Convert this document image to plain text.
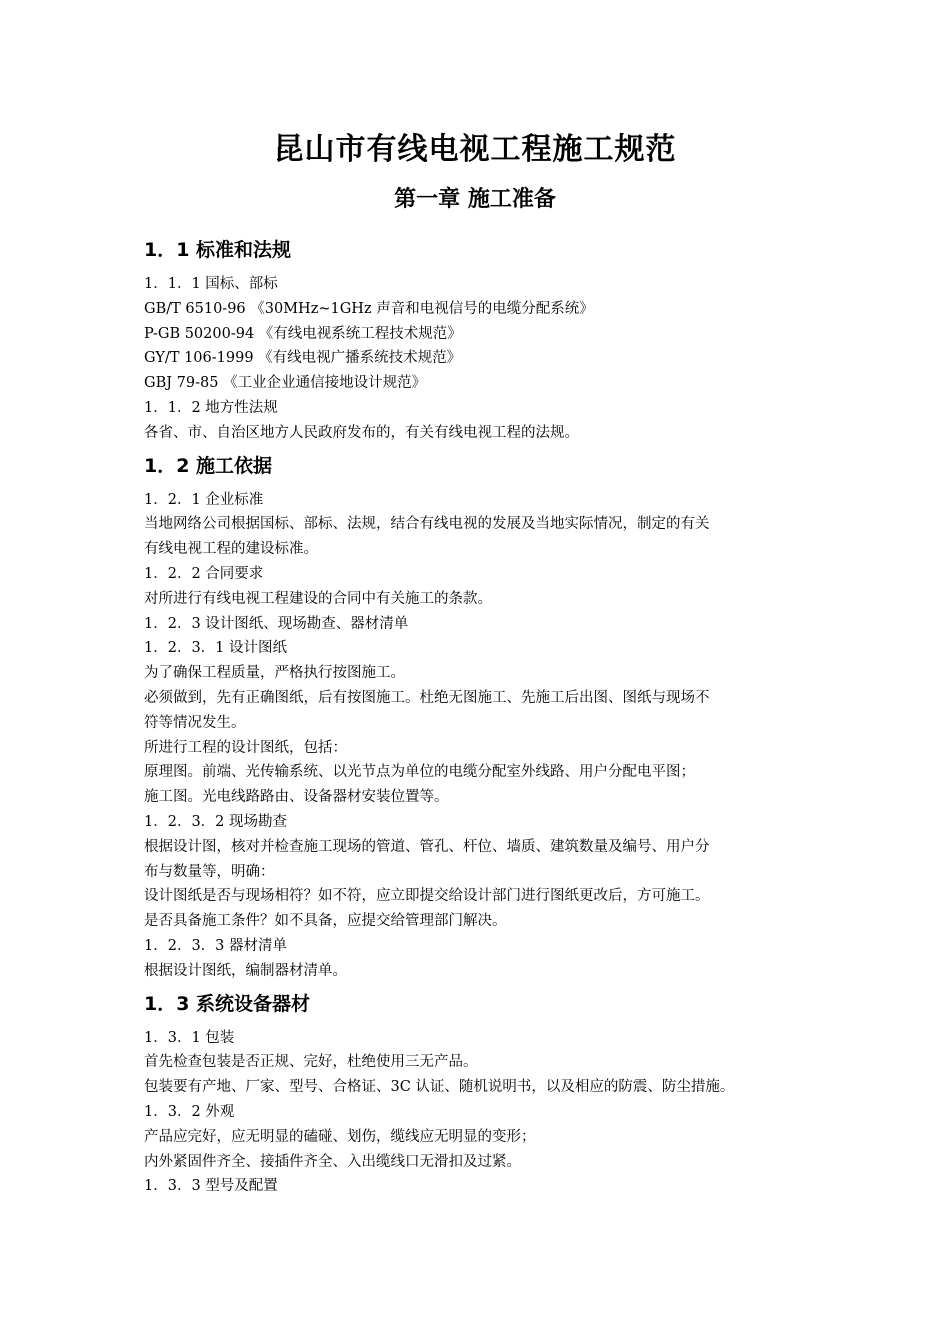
昆山市有线电视工程施工规范
第一章 施工准备
1．1 标准和法规
1．1．1 国标、部标
GB/T 6510-96 《30MHz~1GHz 声音和电视信号的电缆分配系统》
P-GB 50200-94 《有线电视系统工程技术规范》
GY/T 106-1999 《有线电视广播系统技术规范》
GBJ 79-85 《工业企业通信接地设计规范》
1．1．2 地方性法规
各省、市、自治区地方人民政府发布的，有关有线电视工程的法规。
1．2 施工依据
1．2．1 企业标准
当地网络公司根据国标、部标、法规，结合有线电视的发展及当地实际情况，制定的有关
有线电视工程的建设标准。
1．2．2 合同要求
对所进行有线电视工程建设的合同中有关施工的条款。
1．2．3 设计图纸、现场勘查、器材清单
1．2．3．1 设计图纸
为了确保工程质量，严格执行按图施工。
必须做到，先有正确图纸，后有按图施工。杜绝无图施工、先施工后出图、图纸与现场不
符等情况发生。
所进行工程的设计图纸，包括：
原理图。前端、光传输系统、以光节点为单位的电缆分配室外线路、用户分配电平图；
施工图。光电线路路由、设备器材安装位置等。
1．2．3．2 现场勘查
根据设计图，核对并检查施工现场的管道、管孔、杆位、墙质、建筑数量及编号、用户分
布与数量等，明确：
设计图纸是否与现场相符？如不符，应立即提交给设计部门进行图纸更改后，方可施工。
是否具备施工条件？如不具备，应提交给管理部门解决。
1．2．3．3 器材清单
根据设计图纸，编制器材清单。
1．3 系统设备器材
1．3．1 包装
首先检查包装是否正规、完好，杜绝使用三无产品。
包装要有产地、厂家、型号、合格证、3C 认证、随机说明书，以及相应的防震、防尘措施。
1．3．2 外观
产品应完好，应无明显的磕碰、划伤，缆线应无明显的变形；
内外紧固件齐全、接插件齐全、入出缆线口无滑扣及过紧。
1．3．3 型号及配置
